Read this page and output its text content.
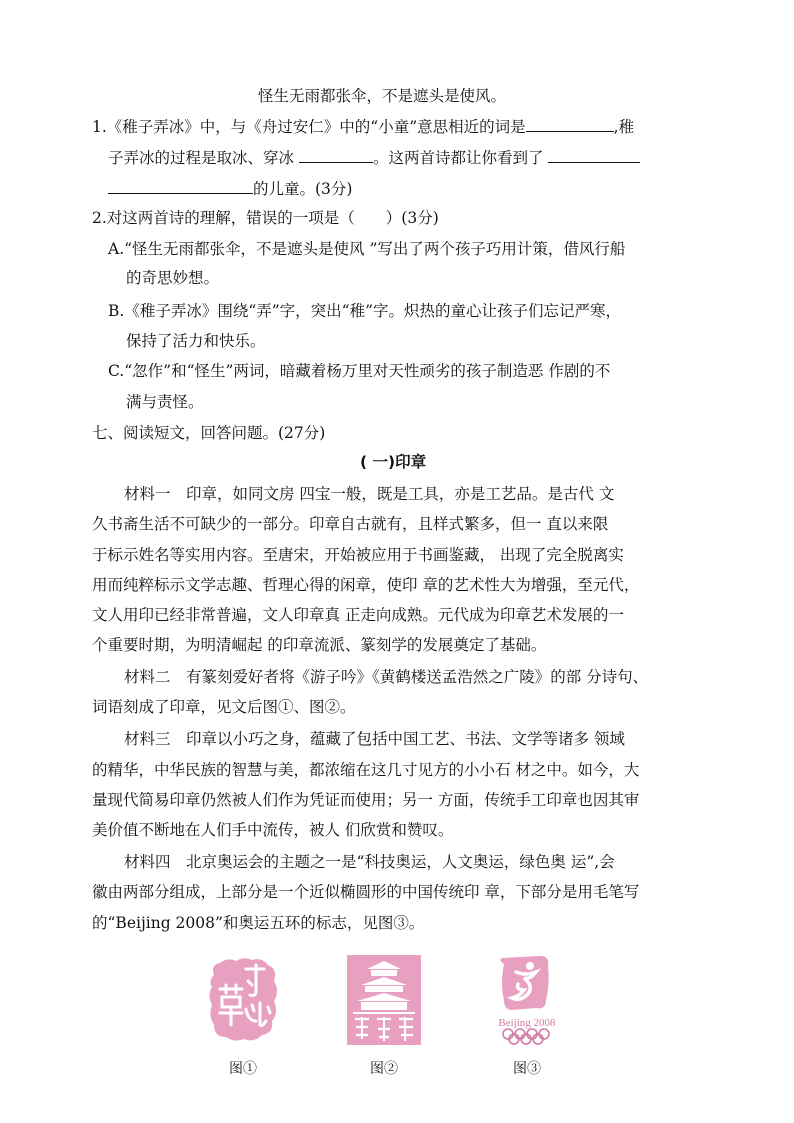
怪生无雨都张伞，不是遮头是使风。
1.《稚子弄冰》中，与《舟过安仁》中的“小童”意思相近的词是	,稚
子弄冰的过程是取冰、穿冰	。这两首诗都让你看到了
的儿童。(3分)
2.对这两首诗的理解，错误的一项是（　　）(3分)
A.“怪生无雨都张伞，不是遮头是使风 ”写出了两个孩子巧用计策，借风行船
的奇思妙想。
B.《稚子弄冰》围绕“弄”字，突出“稚”字。炽热的童心让孩子们忘记严寒，
保持了活力和快乐。
C.“忽作”和“怪生”两词，暗藏着杨万里对天性顽劣的孩子制造恶 作剧的不
满与责怪。
七、阅读短文，回答问题。(27分)
( 一)印章
材料一　印章，如同文房 四宝一般，既是工具，亦是工艺品。是古代 文
久书斋生活不可缺少的一部分。印章自古就有，且样式繁多，但一 直以来限
于标示姓名等实用内容。至唐宋，开始被应用于书画鉴藏， 出现了完全脱离实
用而纯粹标示文学志趣、哲理心得的闲章，使印 章的艺术性大为增强，至元代，
文人用印已经非常普遍，文人印章真 正走向成熟。元代成为印章艺术发展的一
个重要时期，为明清崛起 的印章流派、篆刻学的发展奠定了基础。
材料二　有篆刻爱好者将《游子吟》《黄鹤楼送孟浩然之广陵》的部 分诗句、
词语刻成了印章，见文后图①、图②。
材料三　印章以小巧之身，蕴藏了包括中国工艺、书法、文学等诸多 领域
的精华，中华民族的智慧与美，都浓缩在这几寸见方的小小石 材之中。如今，大
量现代简易印章仍然被人们作为凭证而使用；另一 方面，传统手工印章也因其审
美价值不断地在人们手中流传，被人 们欣赏和赞叹。
材料四　北京奥运会的主题之一是“科技奥运，人文奥运，绿色奥 运”,会
徽由两部分组成，上部分是一个近似椭圆形的中国传统印 章，下部分是用毛笔写
的“Beijing 2008”和奥运五环的标志，见图③。
Beijing 2008
图①	图②	图③
